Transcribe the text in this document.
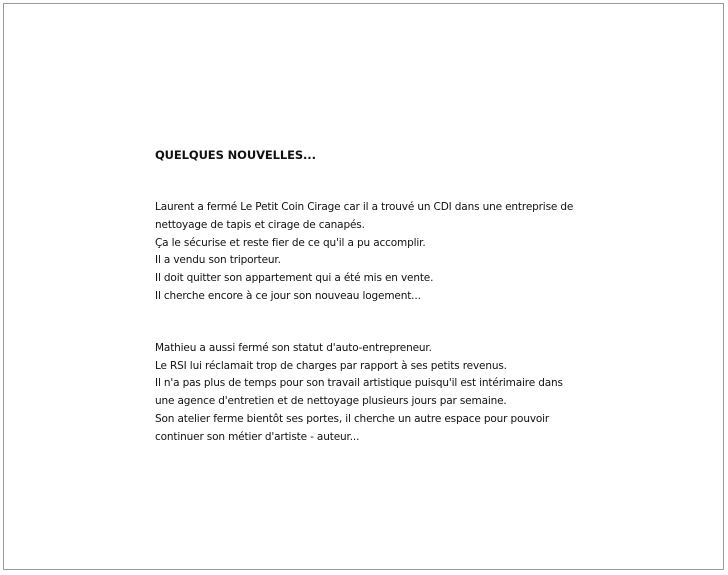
QUELQUES NOUVELLES...

Laurent a fermé Le Petit Coin Cirage car il a trouvé un CDI dans une entreprise de
nettoyage de tapis et cirage de canapés.
Ça le sécurise et reste fier de ce qu'il a pu accomplir.
Il a vendu son triporteur.
Il doit quitter son appartement qui a été mis en vente.
Il cherche encore à ce jour son nouveau logement...

Mathieu a aussi fermé son statut d'auto-entrepreneur.
Le RSI lui réclamait trop de charges par rapport à ses petits revenus.
Il n'a pas plus de temps pour son travail artistique puisqu'il est intérimaire dans
une agence d'entretien et de nettoyage plusieurs jours par semaine.
Son atelier ferme bientôt ses portes, il cherche un autre espace pour pouvoir
continuer son métier d'artiste - auteur...
